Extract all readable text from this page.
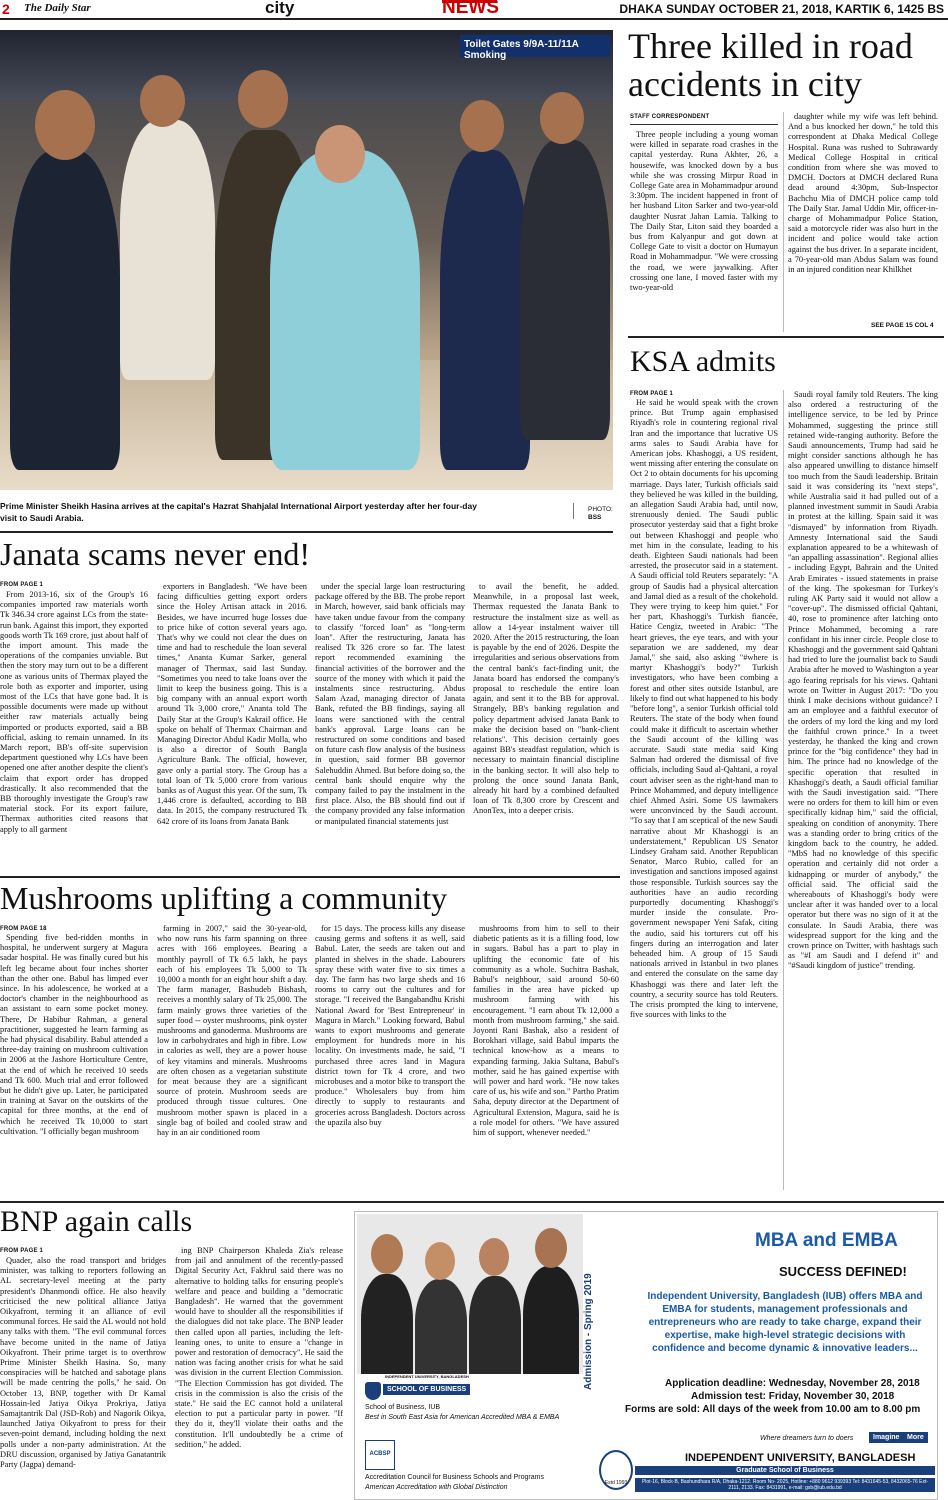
2 The Daily Star	city	NEWS	DHAKA SUNDAY OCTOBER 21, 2018, KARTIK 6, 1425 BS
Toilet Gates 9/9A-11/11A Smoking
Prime Minister Sheikh Hasina arrives at the capital's Hazrat Shahjalal International Airport yesterday after her four-day visit to Saudi Arabia.
PHOTO:
BSS
Three killed in road accidents in city
STAFF CORRESPONDENT

Three people including a young woman were killed in separate road crashes in the capital yesterday. Runa Akhter, 26, a housewife, was knocked down by a bus while she was crossing Mirpur Road in College Gate area in Mohammadpur around 3:30pm. The incident happened in front of her husband Liton Sarker and two-year-old daughter Nusrat Jahan Lamia. Talking to The Daily Star, Liton said they boarded a bus from Kalyanpur and got down at College Gate to visit a doctor on Humayun Road in Mohammadpur. "We were crossing the road, we were jaywalking. After crossing one lane, I moved faster with my two-year-old

daughter while my wife was left behind. And a bus knocked her down," he told this correspondent at Dhaka Medical College Hospital. Runa was rushed to Suhrawardy Medical College Hospital in critical condition from where she was moved to DMCH. Doctors at DMCH declared Runa dead around 4:30pm, Sub-Inspector Bachchu Mia of DMCH police camp told The Daily Star. Jamal Uddin Mir, officer-in-charge of Mohammadpur Police Station, said a motorcycle rider was also hurt in the incident and police would take action against the bus driver. In a separate incident, a 70-year-old man Abdus Salam was found in an injured condition near Khilkhet

SEE PAGE 15 COL 4
KSA admits
FROM PAGE 1

He said he would speak with the crown prince. But Trump again emphasised Riyadh's role in countering regional rival Iran and the importance that lucrative US arms sales to Saudi Arabia have for American jobs. Khashoggi, a US resident, went missing after entering the consulate on Oct 2 to obtain documents for his upcoming marriage. Days later, Turkish officials said they believed he was killed in the building, an allegation Saudi Arabia had, until now, strenuously denied. The Saudi public prosecutor yesterday said that a fight broke out between Khashoggi and people who met him in the consulate, leading to his death. Eighteen Saudi nationals had been arrested, the prosecutor said in a statement. A Saudi official told Reuters separately: "A group of Saudis had a physical altercation and Jamal died as a result of the chokehold. They were trying to keep him quiet." For her part, Khashoggi's Turkish fiancée, Hatice Cengiz, tweeted in Arabic: "The heart grieves, the eye tears, and with your separation we are saddened, my dear Jamal," she said, also asking "#where is martyr Khashoggi's body?" Turkish investigators, who have been combing a forest and other sites outside Istanbul, are likely to find out what happened to his body "before long", a senior Turkish official told Reuters. The state of the body when found could make it difficult to ascertain whether the Saudi account of the killing was accurate. Saudi state media said King Salman had ordered the dismissal of five officials, including Saud al-Qahtani, a royal court adviser seen as the right-hand man to Prince Mohammed, and deputy intelligence chief Ahmed Asiri. Some US lawmakers were unconvinced by the Saudi account. "To say that I am sceptical of the new Saudi narrative about Mr Khashoggi is an understatement," Republican US Senator Lindsey Graham said. Another Republican Senator, Marco Rubio, called for an investigation and sanctions imposed against those responsible. Turkish sources say the authorities have an audio recording purportedly documenting Khashoggi's murder inside the consulate. Pro-government newspaper Yeni Safak, citing the audio, said his torturers cut off his fingers during an interrogation and later beheaded him. A group of 15 Saudi nationals arrived in Istanbul in two planes and entered the consulate on the same day Khashoggi was there and later left the country, a security source has told Reuters. The crisis prompted the king to intervene, five sources with links to the

Saudi royal family told Reuters. The king also ordered a restructuring of the intelligence service, to be led by Prince Mohammed, suggesting the prince still retained wide-ranging authority. Before the Saudi announcements, Trump had said he might consider sanctions although he has also appeared unwilling to distance himself too much from the Saudi leadership. Britain said it was considering its "next steps", while Australia said it had pulled out of a planned investment summit in Saudi Arabia in protest at the killing. Spain said it was "dismayed" by information from Riyadh. Amnesty International said the Saudi explanation appeared to be a whitewash of "an appalling assassination". Regional allies - including Egypt, Bahrain and the United Arab Emirates - issued statements in praise of the king. The spokesman for Turkey's ruling AK Party said it would not allow a "cover-up". The dismissed official Qahtani, 40, rose to prominence after latching onto Prince Mohammed, becoming a rare confidant in his inner circle. People close to Khashoggi and the government said Qahtani had tried to lure the journalist back to Saudi Arabia after he moved to Washington a year ago fearing reprisals for his views. Qahtani wrote on Twitter in August 2017: "Do you think I make decisions without guidance? I am an employee and a faithful executor of the orders of my lord the king and my lord the faithful crown prince." In a tweet yesterday, he thanked the king and crown prince for the "big confidence" they had in him. The prince had no knowledge of the specific operation that resulted in Khashoggi's death, a Saudi official familiar with the Saudi investigation said. "There were no orders for them to kill him or even specifically kidnap him," said the official, speaking on condition of anonymity. There was a standing order to bring critics of the kingdom back to the country, he added. "MbS had no knowledge of this specific operation and certainly did not order a kidnapping or murder of anybody," the official said. The official said the whereabouts of Khashoggi's body were unclear after it was handed over to a local operator but there was no sign of it at the consulate. In Saudi Arabia, there was widespread support for the king and the crown prince on Twitter, with hashtags such as "#I am Saudi and I defend it" and "#Saudi kingdom of justice" trending.

Janata scams never end!
FROM PAGE 1

From 2013-16, six of the Group's 16 companies imported raw materials worth Tk 346.34 crore against LCs from the state-run bank. Against this import, they exported goods worth Tk 169 crore, just about half of the import amount. This made the operations of the companies unviable. But then the story may turn out to be a different one as various units of Thermax played the role both as exporter and importer, using most of the LCs that have gone bad. It is possible documents were made up without either raw materials actually being imported or products exported, said a BB official, asking to remain unnamed. In its March report, BB's off-site supervision department questioned why LCs have been opened one after another despite the client's claim that export order has dropped drastically. It also recommended that the BB thoroughly investigate the Group's raw material stock. For its export failure, Thermax authorities cited reasons that apply to all garment

exporters in Bangladesh. "We have been facing difficulties getting export orders since the Holey Artisan attack in 2016. Besides, we have incurred huge losses due to price hike of cotton several years ago. That's why we could not clear the dues on time and had to reschedule the loan several times," Ananta Kumar Sarker, general manager of Thermax, said last Sunday. "Sometimes you need to take loans over the limit to keep the business going. This is a big company with an annual export worth around Tk 3,000 crore," Ananta told The Daily Star at the Group's Kakrail office. He spoke on behalf of Thermax Chairman and Managing Director Abdul Kadir Molla, who is also a director of South Bangla Agriculture Bank. The official, however, gave only a partial story. The Group has a total loan of Tk 5,000 crore from various banks as of August this year. Of the sum, Tk 1,446 crore is defaulted, according to BB data. In 2015, the company restructured Tk 642 crore of its loans from Janata Bank

under the special large loan restructuring package offered by the BB. The probe report in March, however, said bank officials may have taken undue favour from the company to classify "forced loan" as "long-term loan". After the restructuring, Janata has realised Tk 326 crore so far. The latest report recommended examining the financial activities of the borrower and the source of the money with which it paid the instalments since restructuring. Abdus Salam Azad, managing director of Janata Bank, refuted the BB findings, saying all loans were sanctioned with the central bank's approval. Large loans can be restructured on some conditions and based on future cash flow analysis of the business in question, said former BB governor Salehuddin Ahmed. But before doing so, the central bank should enquire why the company failed to pay the instalment in the first place. Also, the BB should find out if the company provided any false information or manipulated financial statements just

to avail the benefit, he added. Meanwhile, in a proposal last week, Thermax requested the Janata Bank to restructure the instalment size as well as allow a 14-year instalment waiver till 2020. After the 2015 restructuring, the loan is payable by the end of 2026. Despite the irregularities and serious observations from the central bank's fact-finding unit, the Janata board has endorsed the company's proposal to reschedule the entire loan again, and sent it to the BB for approval. Strangely, BB's banking regulation and policy department advised Janata Bank to make the decision based on "bank-client relations". This decision certainly goes against BB's steadfast regulation, which is necessary to maintain financial discipline in the banking sector. It will also help to prolong the once sound Janata Bank, already hit hard by a combined defaulted loan of Tk 8,300 crore by Crescent and AnonTex, into a deeper crisis.

Mushrooms uplifting a community
FROM PAGE 18

Spending five bed-ridden months in hospital, he underwent surgery at Magura sadar hospital. He was finally cured but his left leg became about four inches shorter than the other one. Babul has limped ever since. In his adolescence, he worked at a doctor's chamber in the neighbourhood as an assistant to earn some pocket money. There, Dr Habibur Rahman, a general practitioner, suggested he learn farming as he had physical disability. Babul attended a three-day training on mushroom cultivation in 2006 at the Jashore Horticulture Centre, at the end of which he received 10 seeds and Tk 600. Much trial and error followed but he didn't give up. Later, he participated in training at Savar on the outskirts of the capital for three months, at the end of which he received Tk 10,000 to start cultivation. "I officially began mushroom

farming in 2007," said the 30-year-old, who now runs his farm spanning on three acres with 166 employees. Bearing a monthly payroll of Tk 6.5 lakh, he pays each of his employees Tk 5,000 to Tk 10,000 a month for an eight hour shift a day. The farm manager, Bashudeb Bishash, receives a monthly salary of Tk 25,000. The farm mainly grows three varieties of the super food -- oyster mushrooms, pink oyster mushrooms and ganoderma. Mushrooms are low in carbohydrates and high in fibre. Low in calories as well, they are a power house of key vitamins and minerals. Mushrooms are often chosen as a vegetarian substitute for meat because they are a significant source of protein. Mushroom seeds are produced through tissue cultures. One mushroom mother spawn is placed in a single bag of boiled and cooled straw and hay in an air conditioned room

for 15 days. The process kills any disease causing germs and softens it as well, said Babul. Later, the seeds are taken out and planted in shelves in the shade. Labourers spray these with water five to six times a day. The farm has two large sheds and 16 rooms to carry out the cultures and for storage. "I received the Bangabandhu Krishi National Award for 'Best Entrepreneur' in Magura in March." Looking forward, Babul wants to export mushrooms and generate employment for hundreds more in his locality. On investments made, he said, "I purchased three acres land in Magura district town for Tk 4 crore, and two microbuses and a motor bike to transport the produce." Wholesalers buy from him directly to supply to restaurants and groceries across Bangladesh. Doctors across the upazila also buy

mushrooms from him to sell to their diabetic patients as it is a filling food, low in sugars. Babul has a part to play in uplifting the economic fate of his community as a whole. Suchitra Bashak, Babul's neighbour, said around 50-60 families in the area have picked up mushroom farming with his encouragement. "I earn about Tk 12,000 a month from mushroom farming," she said. Joyonti Rani Bashak, also a resident of Borokhari village, said Babul imparts the technical know-how as a means to expanding farming. Jakia Sultana, Babul's mother, said he has gained expertise with will power and hard work. "He now takes care of us, his wife and son." Partho Pratim Saha, deputy director at the Department of Agricultural Extension, Magura, said he is a role model for others. "We have assured him of support, whenever needed."

BNP again calls
FROM PAGE 1

Quader, also the road transport and bridges minister, was talking to reporters following an AL secretary-level meeting at the party president's Dhanmondi office. He also heavily criticised the new political alliance Jatiya Oikyafront, terming it an alliance of evil communal forces. He said the AL would not hold any talks with them. "The evil communal forces have become united in the name of Jatiya Oikyafront. Their prime target is to overthrow Prime Minister Sheikh Hasina. So, many conspiracies will be hatched and sabotage plans will be made centring the polls," he said. On October 13, BNP, together with Dr Kamal Hossain-led Jatiya Oikya Prokriya, Jatiya Samajtantrik Dal (JSD-Rob) and Nagorik Oikya, launched Jatiya Oikyafront to press for their seven-point demand, including holding the next polls under a non-party administration. At the DRU discussion, organised by Jatiya Ganatantrik Party (Jagpa) demand-

ing BNP Chairperson Khaleda Zia's release from jail and annulment of the recently-passed Digital Security Act, Fakhrul said there was no alternative to holding talks for ensuring people's welfare and peace and building a "democratic Bangladesh". He warned that the government would have to shoulder all the responsibilities if the dialogues did not take place. The BNP leader then called upon all parties, including the left-leaning ones, to unite to ensure a "change in power and restoration of democracy". He said the nation was facing another crisis for what he said was division in the current Election Commission. "The Election Commission has got divided. The crisis in the commission is also the crisis of the state." He said the EC cannot hold a unilateral election to put a particular party in power. "If they do it, they'll violate their oaths and the constitution. It'll undoubtedly be a crime of sedition," he added.

Admission - Spring 2019
MBA and EMBA
SUCCESS DEFINED!
Independent University, Bangladesh (IUB) offers MBA and EMBA for students, management professionals and entrepreneurs who are ready to take charge, expand their expertise, make high-level strategic decisions with confidence and become dynamic & innovative leaders...
Application deadline: Wednesday, November 28, 2018
Admission test: Friday, November 30, 2018
Forms are sold: All days of the week from 10.00 am to 8.00 pm
INDEPENDENT UNIVERSITY, BANGLADESH
SCHOOL OF BUSINESS
School of Business, IUB
Best in South East Asia for American Accredited MBA & EMBA
ACBSP
Accreditation Council for Business Schools and Programs
American Accreditation with Global Distinction
Where dreamers turn to doers	Imagine	More
Estd 1993
INDEPENDENT UNIVERSITY, BANGLADESH
Graduate School of Business
Plot-16, Block-B, Bashundhara R/A, Dhaka-1212. Room No- 2025, Hotline: +880 9612 939393 Tel: 8431645-53, 8432065-76 Ext- 2111, 2133. Fax: 8431991, e-mail: gsb@iub.edu.bd
